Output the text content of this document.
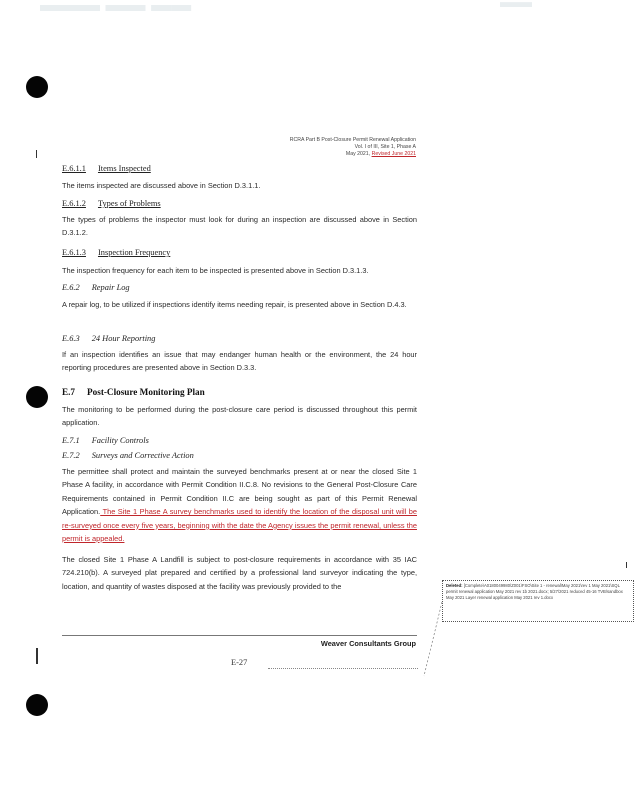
▬▬▬ ▬▬ ▬▬	▬▬
RCRA Part B Post-Closure Permit Renewal Application
Vol. I of III, Site 1, Phase A
May 2021, Revised June 2021
E.6.1.1 Items Inspected
The items inspected are discussed above in Section D.3.1.1.
E.6.1.2 Types of Problems
The types of problems the inspector must look for during an inspection are discussed above in Section D.3.1.2.
E.6.1.3 Inspection Frequency
The inspection frequency for each item to be inspected is presented above in Section D.3.1.3.
E.6.2 Repair Log
A repair log, to be utilized if inspections identify items needing repair, is presented above in Section D.4.3.
E.6.3 24 Hour Reporting
If an inspection identifies an issue that may endanger human health or the environment, the 24 hour reporting procedures are presented above in Section D.3.3.
E.7 Post-Closure Monitoring Plan
The monitoring to be performed during the post-closure care period is discussed throughout this permit application.
E.7.1 Facility Controls
E.7.2 Surveys and Corrective Action
The permittee shall protect and maintain the surveyed benchmarks present at or near the closed Site 1 Phase A facility, in accordance with Permit Condition II.C.8. No revisions to the General Post-Closure Care Requirements contained in Permit Condition II.C are being sought as part of this Permit Renewal Application. The Site 1 Phase A survey benchmarks used to identify the location of the disposal unit will be re-surveyed once every five years, beginning with the date the Agency issues the permit renewal, unless the permit is appealed.
The closed Site 1 Phase A Landfill is subject to post-closure requirements in accordance with 35 IAC 724.210(b). A surveyed plat prepared and certified by a professional land surveyor indicating the type, location, and quantity of wastes disposed at the facility was previously provided to the	Deleted: [Complete\A0180049980\Z001\FSO\Site 1 - renewal\May 2021\rev 1 May 2021\SQL permit renewal application May 2021 rev 1b 2021.docx; 5/27/2021 reduced 45-16 TVB/sandbox May 2021 Layer renewal application May 2021 rev 1.docx
Weaver Consultants Group
E-27
